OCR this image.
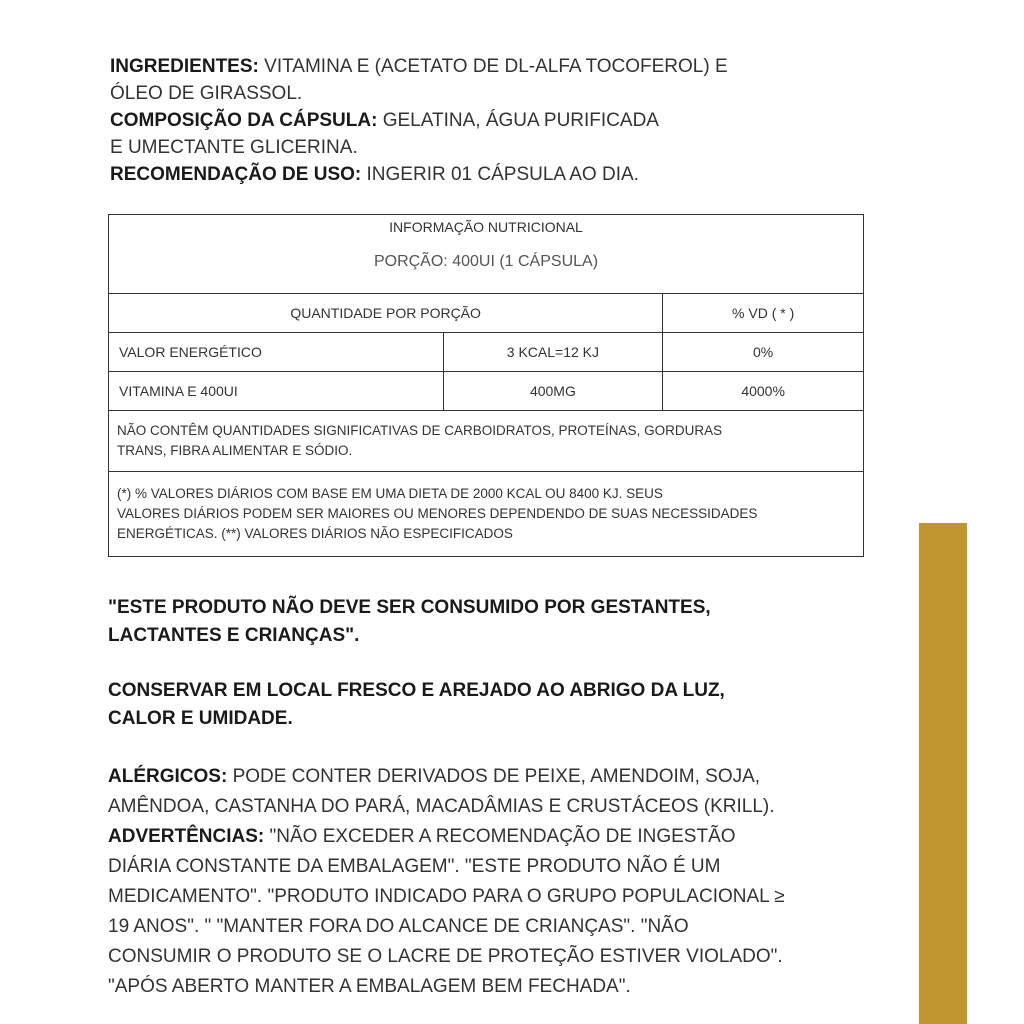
INGREDIENTES: VITAMINA E (ACETATO DE DL-ALFA TOCOFEROL) E
ÓLEO DE GIRASSOL.
COMPOSIÇÃO DA CÁPSULA: GELATINA, ÁGUA PURIFICADA
E UMECTANTE GLICERINA.
RECOMENDAÇÃO DE USO: INGERIR 01 CÁPSULA AO DIA.
INFORMAÇÃO NUTRICIONAL
PORÇÃO: 400UI (1 CÁPSULA)		

QUANTIDADE POR PORÇÃO		% VD ( * )
VALOR ENERGÉTICO	3 KCAL=12 KJ	0%
VITAMINA E 400UI	400MG	4000%

NÃO CONTÊM QUANTIDADES SIGNIFICATIVAS DE CARBOIDRATOS, PROTEÍNAS, GORDURAS
TRANS, FIBRA ALIMENTAR E SÓDIO.		

(*) % VALORES DIÁRIOS COM BASE EM UMA DIETA DE 2000 KCAL OU 8400 KJ. SEUS
VALORES DIÁRIOS PODEM SER MAIORES OU MENORES DEPENDENDO DE SUAS NECESSIDADES
ENERGÉTICAS. (**) VALORES DIÁRIOS NÃO ESPECIFICADOS		
"ESTE PRODUTO NÃO DEVE SER CONSUMIDO POR GESTANTES,
LACTANTES E CRIANÇAS".
CONSERVAR EM LOCAL FRESCO E AREJADO AO ABRIGO DA LUZ,
CALOR E UMIDADE.
ALÉRGICOS: PODE CONTER DERIVADOS DE PEIXE, AMENDOIM, SOJA,
AMÊNDOA, CASTANHA DO PARÁ, MACADÂMIAS E CRUSTÁCEOS (KRILL).
ADVERTÊNCIAS: "NÃO EXCEDER A RECOMENDAÇÃO DE INGESTÃO
DIÁRIA CONSTANTE DA EMBALAGEM". "ESTE PRODUTO NÃO É UM
MEDICAMENTO". "PRODUTO INDICADO PARA O GRUPO POPULACIONAL ≥
19 ANOS". " "MANTER FORA DO ALCANCE DE CRIANÇAS". "NÃO
CONSUMIR O PRODUTO SE O LACRE DE PROTEÇÃO ESTIVER VIOLADO".
"APÓS ABERTO MANTER A EMBALAGEM BEM FECHADA".
